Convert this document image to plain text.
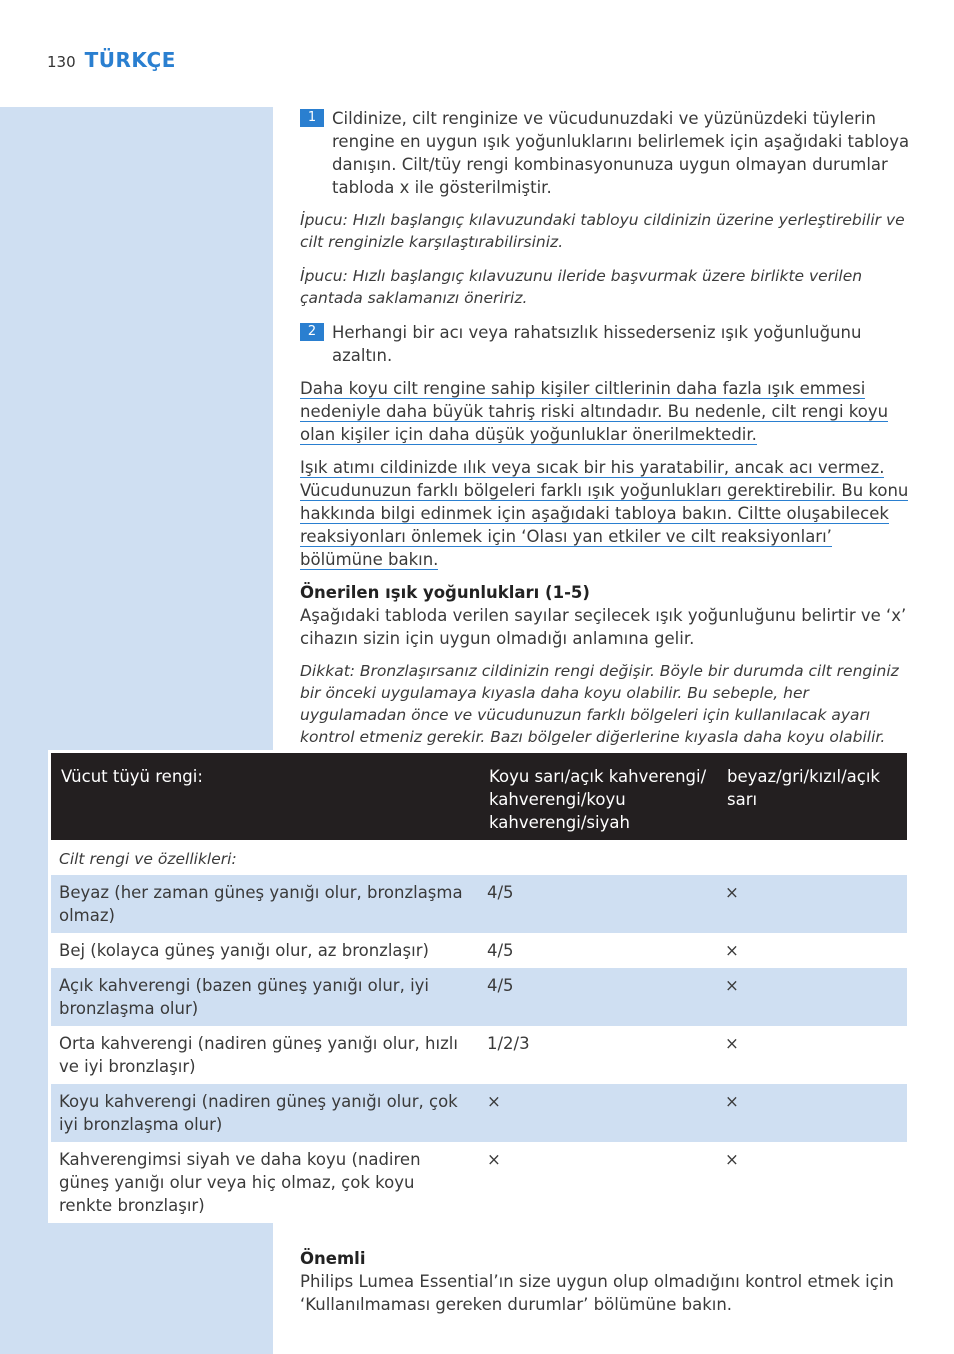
130 TÜRKÇE
1 Cildinize, cilt renginize ve vücudunuzdaki ve yüzünüzdeki tüylerin rengine en uygun ışık yoğunluklarını belirlemek için aşağıdaki tabloya danışın. Cilt/tüy rengi kombinasyonunuza uygun olmayan durumlar tabloda x ile gösterilmiştir.

İpucu: Hızlı başlangıç kılavuzundaki tabloyu cildinizin üzerine yerleştirebilir ve cilt renginizle karşılaştırabilirsiniz.

İpucu: Hızlı başlangıç kılavuzunu ileride başvurmak üzere birlikte verilen çantada saklamanızı öneririz.

2 Herhangi bir acı veya rahatsızlık hissederseniz ışık yoğunluğunu azaltın.

Daha koyu cilt rengine sahip kişiler ciltlerinin daha fazla ışık emmesi
nedeniyle daha büyük tahriş riski altındadır. Bu nedenle, cilt rengi koyu
olan kişiler için daha düşük yoğunluklar önerilmektedir.

Işık atımı cildinizde ılık veya sıcak bir his yaratabilir, ancak acı vermez.
Vücudunuzun farklı bölgeleri farklı ışık yoğunlukları gerektirebilir. Bu konu
hakkında bilgi edinmek için aşağıdaki tabloya bakın. Ciltte oluşabilecek
reaksiyonları önlemek için ‘Olası yan etkiler ve cilt reaksiyonları’
bölümüne bakın.

Önerilen ışık yoğunlukları (1-5)

Aşağıdaki tabloda verilen sayılar seçilecek ışık yoğunluğunu belirtir ve ‘x’ cihazın sizin için uygun olmadığı anlamına gelir.

Dikkat: Bronzlaşırsanız cildinizin rengi değişir. Böyle bir durumda cilt renginiz bir önceki uygulamaya kıyasla daha koyu olabilir. Bu sebeple, her uygulamadan önce ve vücudunuzun farklı bölgeleri için kullanılacak ayarı kontrol etmeniz gerekir. Bazı bölgeler diğerlerine kıyasla daha koyu olabilir.

Vücut tüyü rengi:	Koyu sarı/açık kahverengi/ kahverengi/koyu kahverengi/siyah	beyaz/gri/kızıl/açık sarı
Cilt rengi ve özellikleri:		
Beyaz (her zaman güneş yanığı olur, bronzlaşma olmaz)	4/5	×
Bej (kolayca güneş yanığı olur, az bronzlaşır)	4/5	×
Açık kahverengi (bazen güneş yanığı olur, iyi bronzlaşma olur)	4/5	×
Orta kahverengi (nadiren güneş yanığı olur, hızlı ve iyi bronzlaşır)	1/2/3	×
Koyu kahverengi (nadiren güneş yanığı olur, çok iyi bronzlaşma olur)	×	×
Kahverengimsi siyah ve daha koyu (nadiren güneş yanığı olur veya hiç olmaz, çok koyu renkte bronzlaşır)	×	×
Önemli
Philips Lumea Essential’ın size uygun olup olmadığını kontrol etmek için ‘Kullanılmaması gereken durumlar’ bölümüne bakın.
